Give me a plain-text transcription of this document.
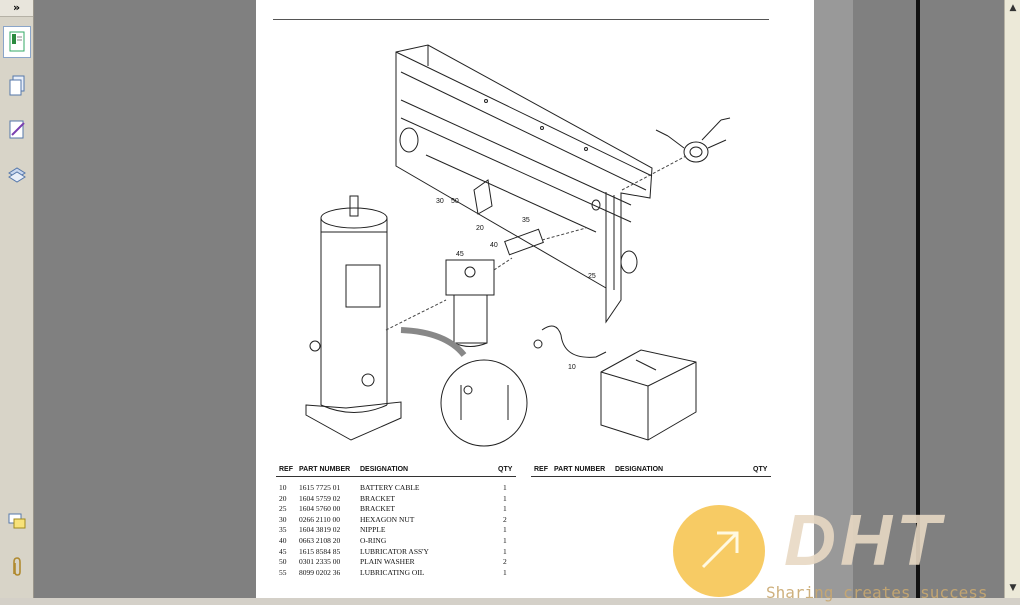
»
30 50
20
35
40
45
25
10
REF PART NUMBER DESIGNATION	QTY
10 1615 7725 01	BATTERY CABLE	1
20 1604 5759 02	BRACKET	1
25 1604 5760 00	BRACKET	1
30 0266 2110 00	HEXAGON NUT	2
35 1604 3819 02	NIPPLE	1
40 0663 2108 20	O-RING	1
45 1615 8584 85	LUBRICATOR ASS'Y	1
50 0301 2335 00	PLAIN WASHER	2
55 8099 0202 36	LUBRICATING OIL	1
REF PART NUMBER DESIGNATION	QTY
▲
▼
DHT
Sharing creates success
